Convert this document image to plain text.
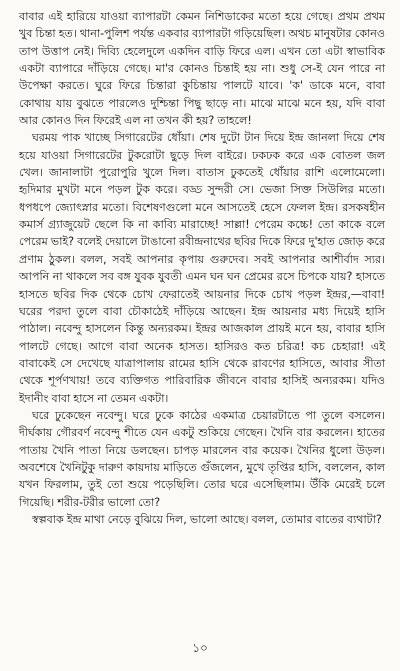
বাবার এই হারিয়ে যাওয়া ব্যাপারটা কেমন নিশিডাকের মতো হয়ে গেছে। প্রথম প্রথম খুব চিন্তা হত। থানা-পুলিশ পর্যন্ত একবার ব্যাপারটা গড়িয়েছিল। অথচ মানুষটার কোনও তাপ উত্তাপ নেই। দিব্যি হেলেদুলে একদিন বাড়ি ফিরে এল। এখন তো এটা স্বাভাবিক একটা ব্যাপারে দাঁড়িয়ে গেছে। মা'র কোনও চিন্তাই হয় না। শুধু সে-ই যেন পারে না উপেক্ষা করতে। ঘুরে ফিরে চিন্তারা কুচিন্তায় পালটে যাবে। 'ক' ডাকে মনে, বাবা কোথায় যায় বুঝতে পারলেও দুশ্চিন্তা পিছু ছাড়ে না। মাঝে মাঝে মনে হয়, যদি বাবা আর কোনও দিন ফিরেই এল না তখন কী হয়? তাহলে!

ঘরময় পাক খাচ্ছে সিগারেটের ধোঁয়া। শেষ দুটো টান দিয়ে ইন্দ্র জানলা দিয়ে শেষ হয়ে যাওয়া সিগারেটের টুকরোটা ছুড়ে দিল বাইরে। ঢকঢক করে এক বোতল জল খেল। জানালাটা পুরোপুরি খুলে দিল। বাতাস ঢুকতেই ধোঁয়ার রাশি এলোমেলো। হৃদিমার মুখটা মনে পড়ল টুক করে। বড্ড সুন্দরী সে। ভেজা সিক্ত সিউলির মতো। ধপধপে জ্যোৎস্নার মতো। বিশেষণগুলো মনে আসতেই হেসে ফেলল ইন্দ্র। রসকষহীন কমার্স গ্র্যাজুয়েট ছেলে কি না কাব্যি মারাচ্ছে! সাল্লা! পেরেম কচ্চে! তো কাকে বলে পেরেম ভাই? বলেই দেয়ালে টাঙানো রবীন্দ্রনাথের ছবির দিকে ফিরে দু'হাত জোড় করে প্রণাম ঠুকল। বলল, সবই আপনার কৃপায় গুরুদেব। সবই আপনার আশীর্বাদ স্যর। আপনি না থাকলে সব বঙ্গ যুবক যুবতী এমন ঘন ঘন প্রেমের রসে চিপকে যায়? হাসতে হাসতে ছবির দিক থেকে চোখ ফেরাতেই আয়নার দিকে চোখ পড়ল ইন্দ্রর,—বাবা! ঘরের পরদা তুলে বাবা চৌকাঠেই দাঁড়িয়ে আছেন। ইন্দ্র আয়নার মধ্য দিয়েই হাসি পাঠাল। নবেন্দু হাসলেন কিন্তু অন্যরকম। ইন্দ্রর আজকাল প্রায়ই মনে হয়, বাবার হাসি পালটে গেছে। আগে বাবা অনেক হাসত। হাসিরও কত চরিত্র! কচ চেহারা! এই বাবাকেই সে দেখেছে যাত্রাপালায় রামের হাসি থেকে রাবণের হাসিতে, আবার সীতা থেকে শূর্পণখায়! তবে ব্যক্তিগত পারিবারিক জীবনে বাবার হাসিই অন্যরকম। যদিও ইদানীং বাবা হাসে না তেমন একটা।

ঘরে ঢুকেছেন নবেন্দু। ঘরে ঢুকে কাঠের একমাত্র চেয়ারটাতে পা তুলে বসলেন। দীর্ঘকায় গৌরবর্ণ নবেন্দু শীতে যেন একটু শুকিয়ে গেছেন। খৈনি বার করলেন। হাতের পাতায় খৈনি পাতা নিয়ে ডলছেন। চাপড় মারলেন বার কয়েক। খৈনির ধুলো উড়ল। অবশেষে খৈনিটুকু দারুণ কায়দায় মাড়িতে গুঁজলেন, মুখে তৃপ্তির হাসি, বললেন, কাল যখন ফিরলাম, তুই তো শুয়ে পড়েছিলি। তোর ঘরে এসেছিলাম। উঁকি মেরেই চলে গিয়েছি। শরীর-টরীর ভালো তো?

স্বল্পবাক ইন্দ্র মাথা নেড়ে বুঝিয়ে দিল, ভালো আছে। বলল, তোমার বাতের ব্যথাটা?

১০
